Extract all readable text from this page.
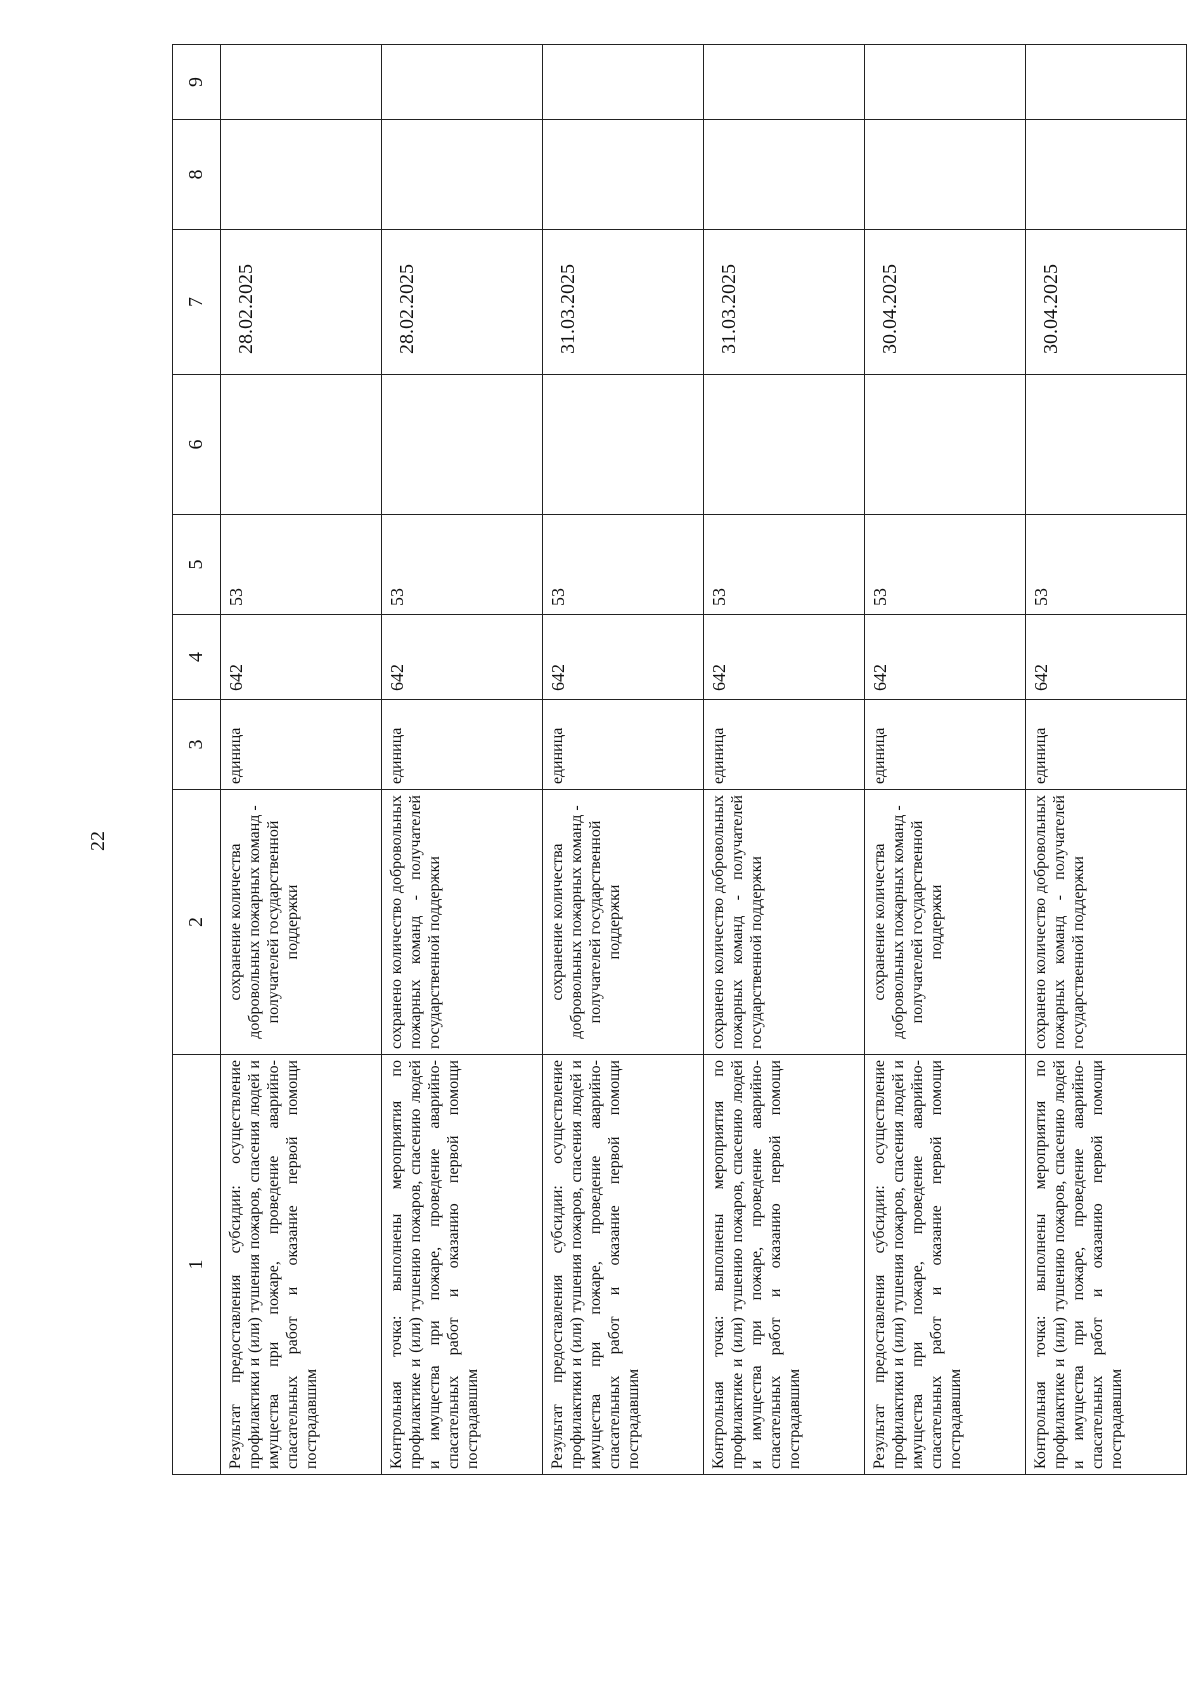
22
1	2	3	4	5	6	7	8	9
Результат предоставления субсидии: осуществление профилактики и (или) тушения пожаров, спасения людей и имущества при пожаре, проведение аварийно-спасательных работ и оказание первой помощи пострадавшим	сохранение количества добровольных пожарных команд - получателей государственной поддержки	единица	642	53		28.02.2025		
Контрольная точка: выполнены мероприятия по профилактике и (или) тушению пожаров, спасению людей и имущества при пожаре, проведение аварийно-спасательных работ и оказанию первой помощи пострадавшим	сохранено количество добровольных пожарных команд - получателей государственной поддержки	единица	642	53		28.02.2025		
Результат предоставления субсидии: осуществление профилактики и (или) тушения пожаров, спасения людей и имущества при пожаре, проведение аварийно-спасательных работ и оказание первой помощи пострадавшим	сохранение количества добровольных пожарных команд - получателей государственной поддержки	единица	642	53		31.03.2025		
Контрольная точка: выполнены мероприятия по профилактике и (или) тушению пожаров, спасению людей и имущества при пожаре, проведение аварийно-спасательных работ и оказанию первой помощи пострадавшим	сохранено количество добровольных пожарных команд - получателей государственной поддержки	единица	642	53		31.03.2025		
Результат предоставления субсидии: осуществление профилактики и (или) тушения пожаров, спасения людей и имущества при пожаре, проведение аварийно-спасательных работ и оказание первой помощи пострадавшим	сохранение количества добровольных пожарных команд - получателей государственной поддержки	единица	642	53		30.04.2025		
Контрольная точка: выполнены мероприятия по профилактике и (или) тушению пожаров, спасению людей и имущества при пожаре, проведение аварийно-спасательных работ и оказанию первой помощи пострадавшим	сохранено количество добровольных пожарных команд - получателей государственной поддержки	единица	642	53		30.04.2025		
